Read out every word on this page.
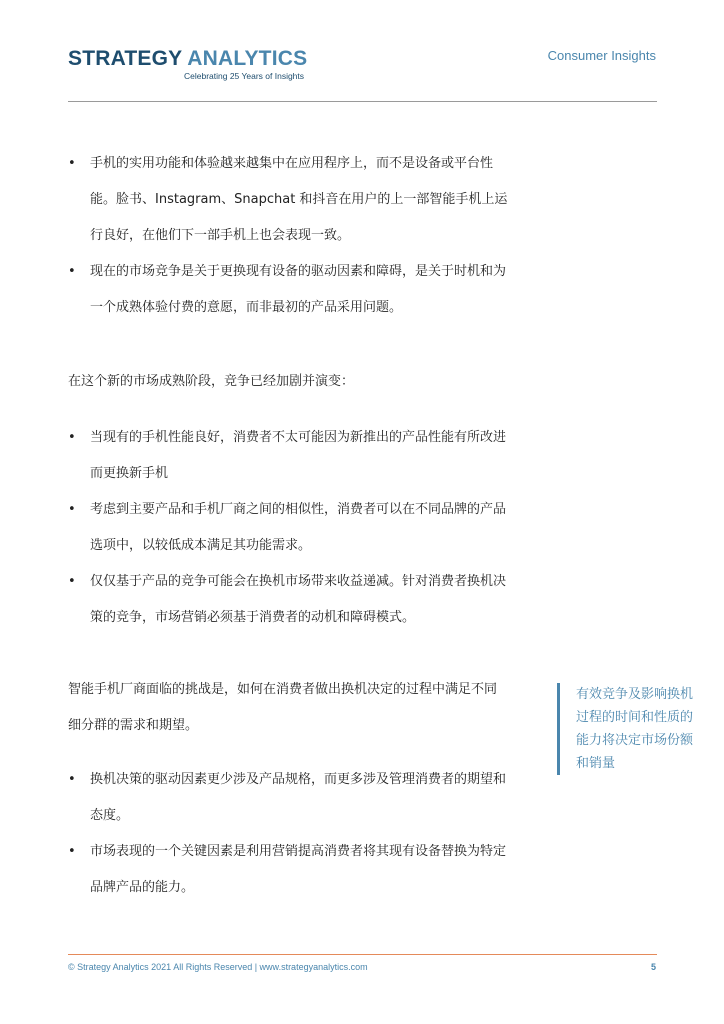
STRATEGY ANALYTICS
Celebrating 25 Years of Insights
Consumer Insights
• 手机的实用功能和体验越来越集中在应用程序上，而不是设备或平台性能。脸书、Instagram、Snapchat 和抖音在用户的上一部智能手机上运行良好，在他们下一部手机上也会表现一致。
• 现在的市场竞争是关于更换现有设备的驱动因素和障碍，是关于时机和为一个成熟体验付费的意愿，而非最初的产品采用问题。

在这个新的市场成熟阶段，竞争已经加剧并演变：

• 当现有的手机性能良好，消费者不太可能因为新推出的产品性能有所改进而更换新手机
• 考虑到主要产品和手机厂商之间的相似性，消费者可以在不同品牌的产品选项中，以较低成本满足其功能需求。
• 仅仅基于产品的竞争可能会在换机市场带来收益递减。针对消费者换机决策的竞争，市场营销必须基于消费者的动机和障碍模式。

智能手机厂商面临的挑战是，如何在消费者做出换机决定的过程中满足不同细分群的需求和期望。

• 换机决策的驱动因素更少涉及产品规格，而更多涉及管理消费者的期望和态度。
• 市场表现的一个关键因素是利用营销提高消费者将其现有设备替换为特定品牌产品的能力。
有效竞争及影响换机过程的时间和性质的能力将决定市场份额和销量
© Strategy Analytics 2021 All Rights Reserved | www.strategyanalytics.com	5
